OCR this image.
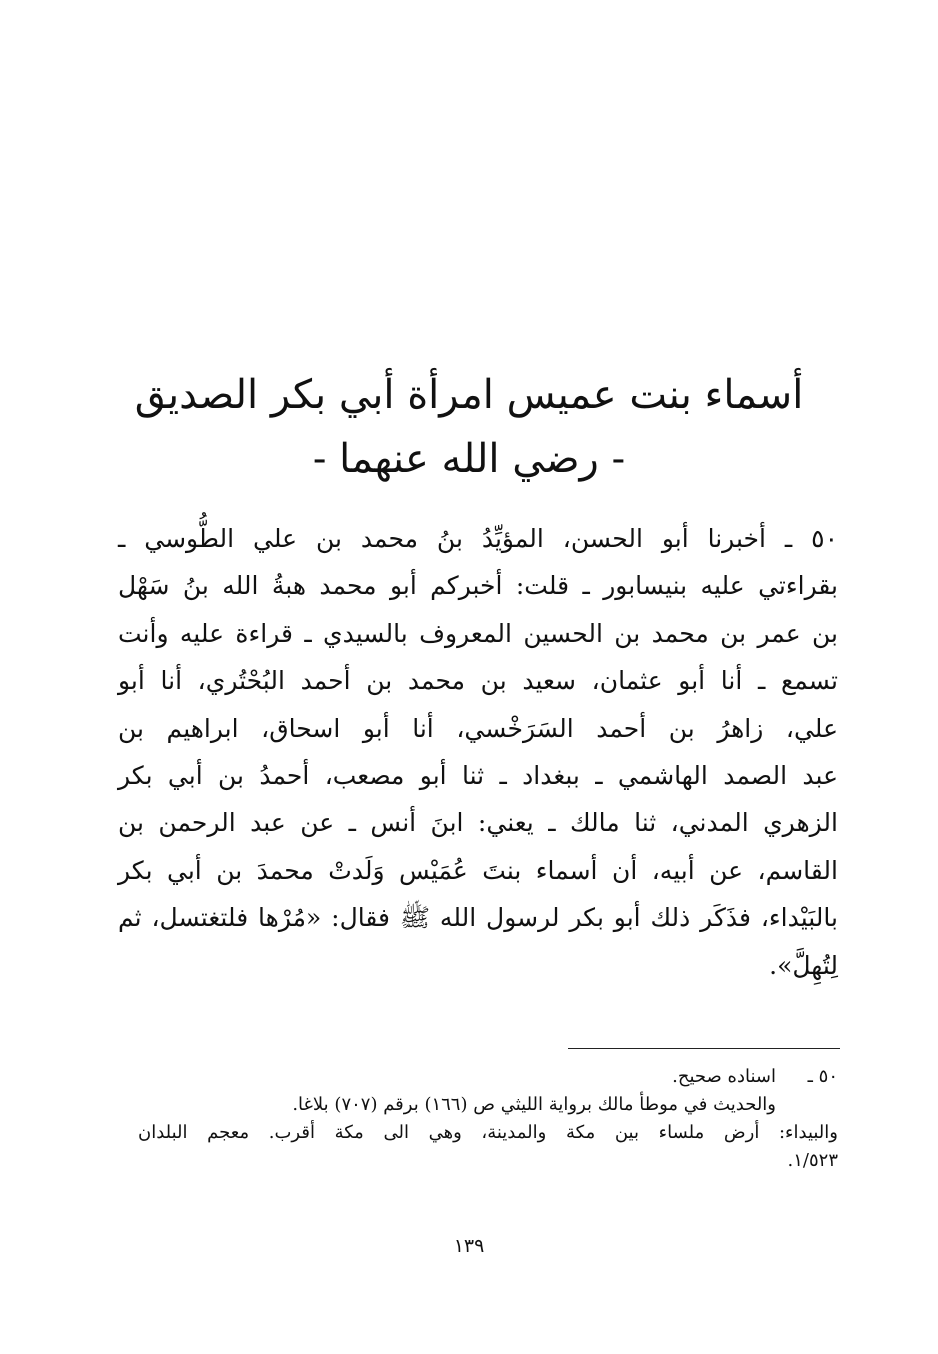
أسماء بنت عميس امرأة أبي بكر الصديق
- رضي الله عنهما -
٥٠ ـ أخبرنا أبو الحسن، المؤيِّدُ بنُ محمد بن علي الطُّوسي ـ
بقراءتي عليه بنيسابور ـ قلت: أخبركم أبو محمد هبةُ الله بنُ سَهْل
بن عمر بن محمد بن الحسين المعروف بالسيدي ـ قراءة عليه وأنت
تسمع ـ أنا أبو عثمان، سعيد بن محمد بن أحمد البُحْتُري، أنا أبو
علي، زاهرُ بن أحمد السَرَخْسي، أنا أبو اسحاق، ابراهيم بن
عبد الصمد الهاشمي ـ ببغداد ـ ثنا أبو مصعب، أحمدُ بن أبي بكر
الزهري المدني، ثنا مالك ـ يعني: ابنَ أنس ـ عن عبد الرحمن بن
القاسم، عن أبيه، أن أسماء بنتَ عُمَيْس وَلَدتْ محمدَ بن أبي بكر
بالبَيْداء، فذَكَر ذلك أبو بكر لرسول الله ﷺ فقال: «مُرْها فلتغتسل، ثم
لِتُهِلَّ».
٥٠ ـاسناده صحيح.
والحديث في موطأ مالك برواية الليثي ص (١٦٦) برقم (٧٠٧) بلاغا.
والبيداء: أرض ملساء بين مكة والمدينة، وهي الى مكة أقرب. معجم البلدان
١/٥٢٣.
١٣٩
